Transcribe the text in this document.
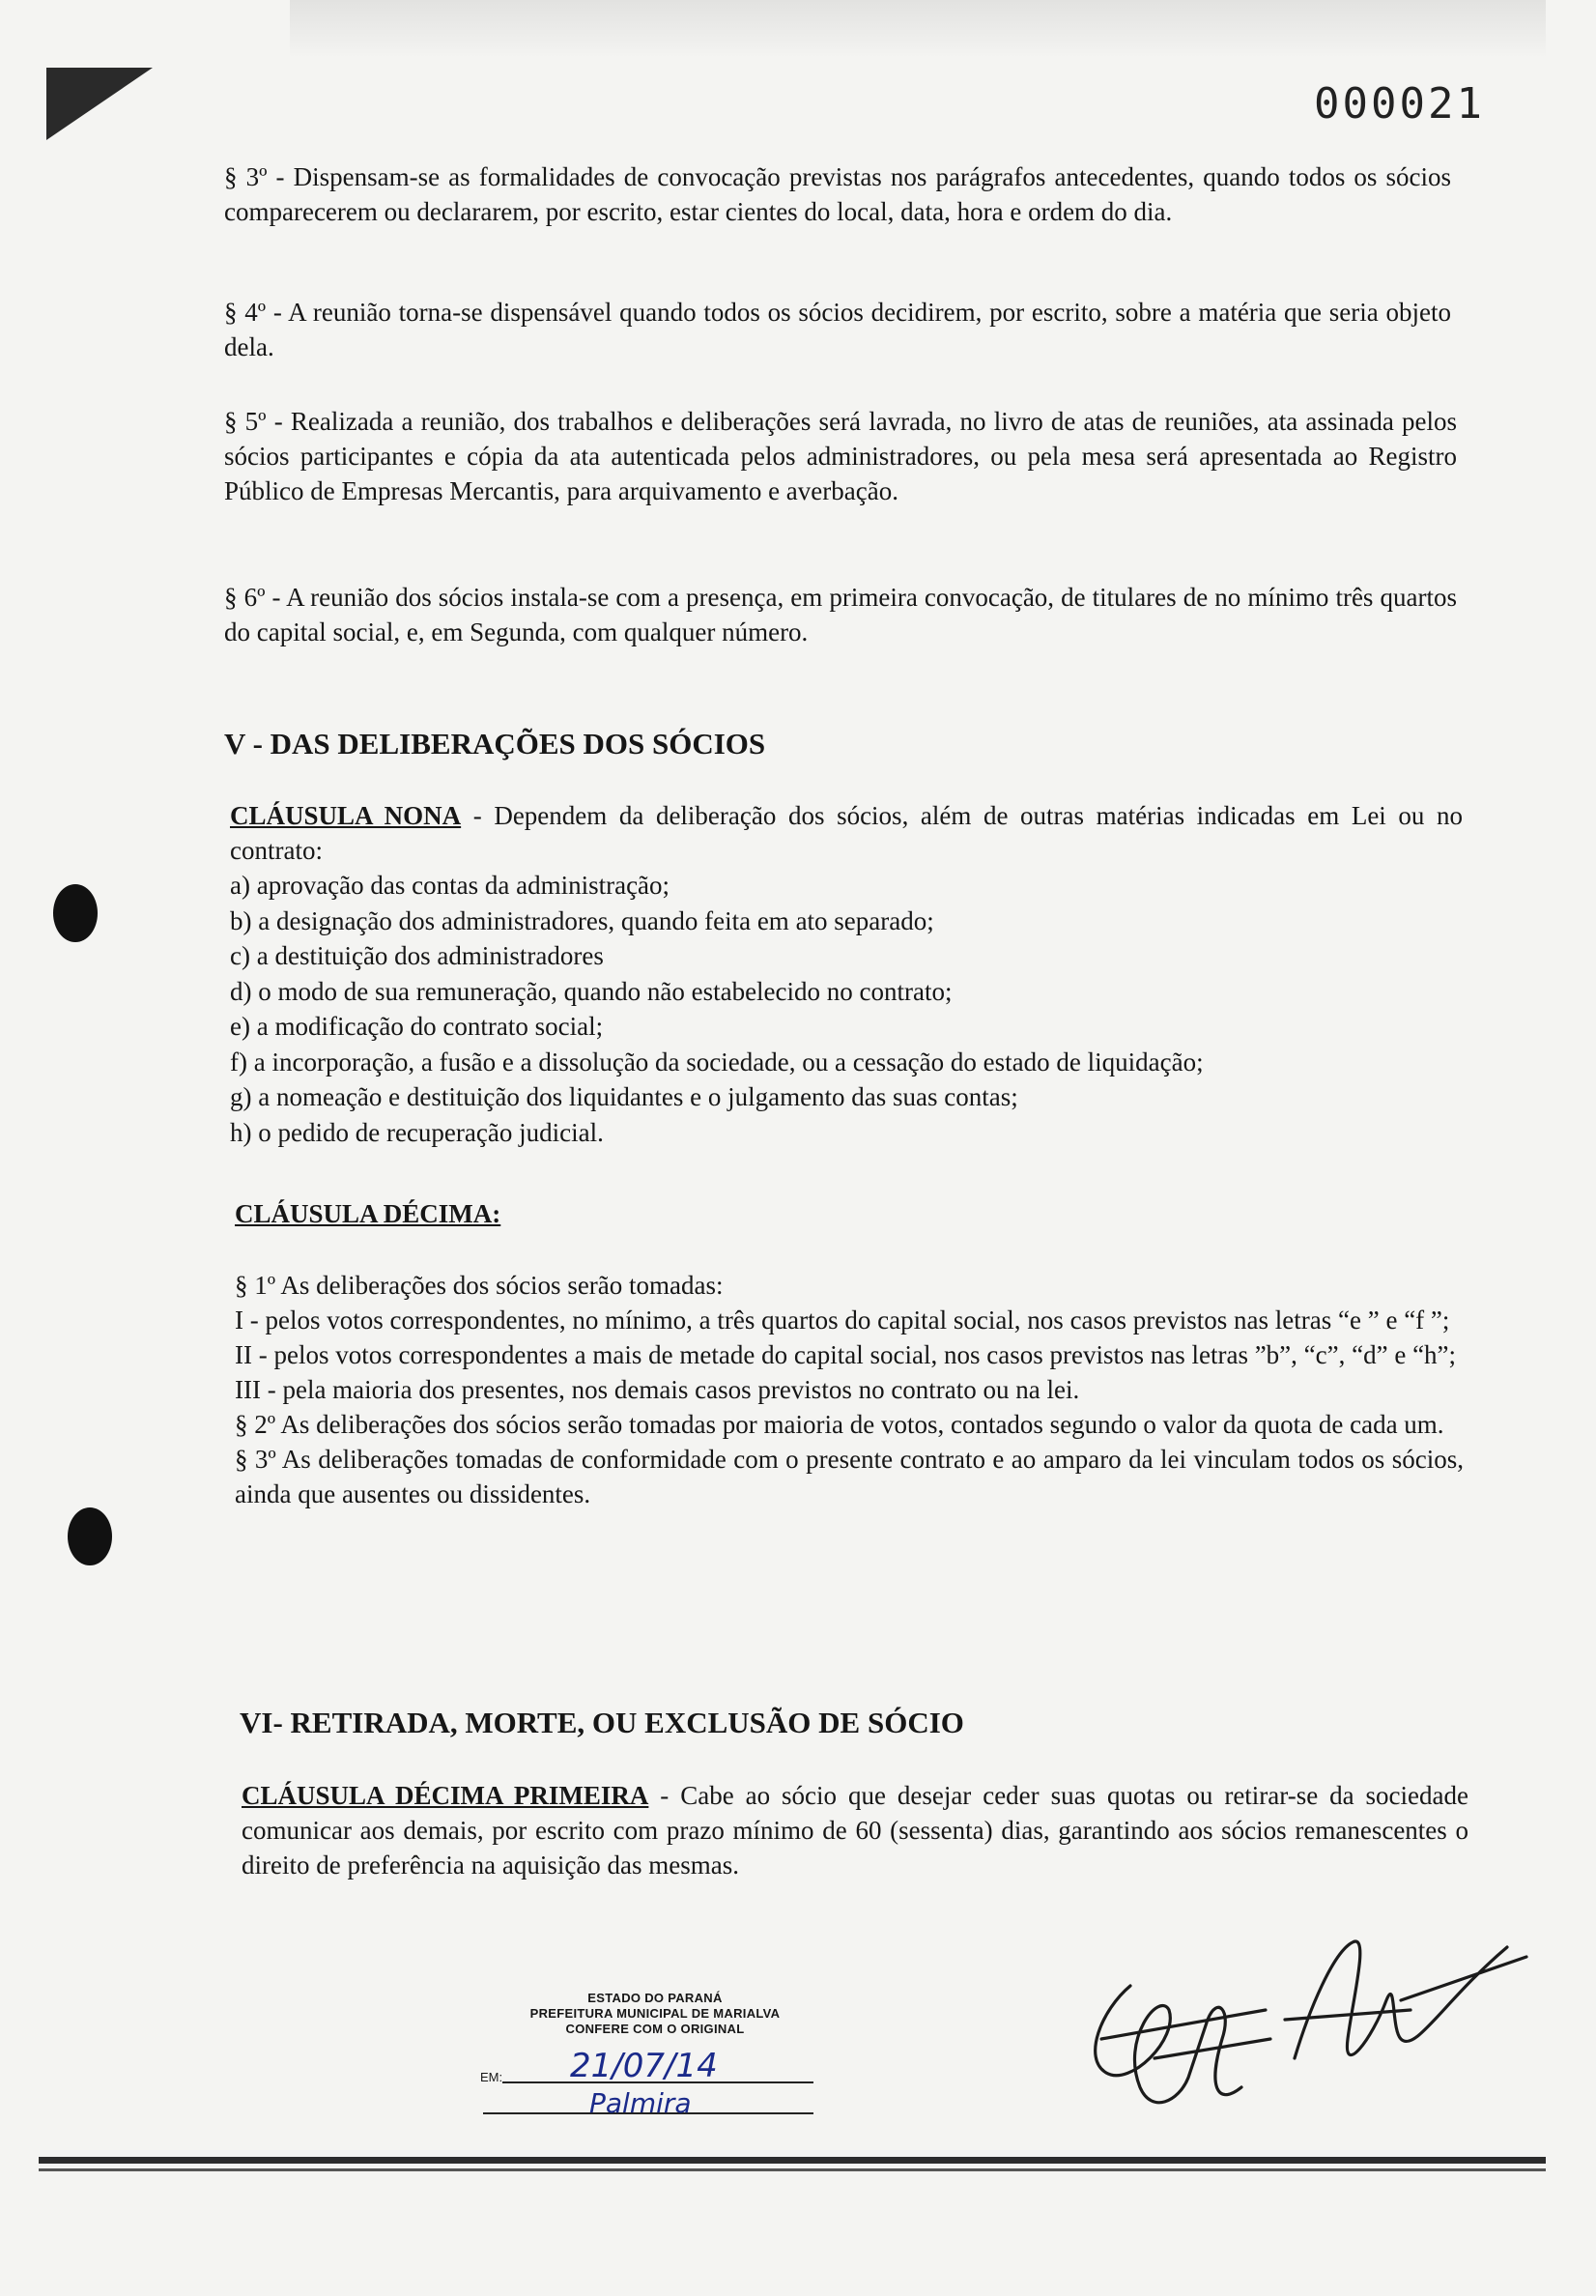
000021
§ 3º - Dispensam-se as formalidades de convocação previstas nos parágrafos antecedentes, quando todos os sócios comparecerem ou declararem, por escrito, estar cientes do local, data, hora e ordem do dia.
§ 4º - A reunião torna-se dispensável quando todos os sócios decidirem, por escrito, sobre a matéria que seria objeto dela.
§ 5º - Realizada a reunião, dos trabalhos e deliberações será lavrada, no livro de atas de reuniões, ata assinada pelos sócios participantes e cópia da ata autenticada pelos administradores, ou pela mesa será apresentada ao Registro Público de Empresas Mercantis, para arquivamento e averbação.
§ 6º - A reunião dos sócios instala-se com a presença, em primeira convocação, de titulares de no mínimo três quartos do capital social, e, em Segunda, com qualquer número.
V - DAS DELIBERAÇÕES DOS SÓCIOS
CLÁUSULA NONA - Dependem da deliberação dos sócios, além de outras matérias indicadas em Lei ou no contrato:
a) aprovação das contas da administração;
b) a designação dos administradores, quando feita em ato separado;
c) a destituição dos administradores
d) o modo de sua remuneração, quando não estabelecido no contrato;
e) a modificação do contrato social;
f) a incorporação, a fusão e a dissolução da sociedade, ou a cessação do estado de liquidação;
g) a nomeação e destituição dos liquidantes e o julgamento das suas contas;
h) o pedido de recuperação judicial.
CLÁUSULA DÉCIMA:
§ 1º As deliberações dos sócios serão tomadas:
I - pelos votos correspondentes, no mínimo, a três quartos do capital social, nos casos previstos nas letras “e ” e “f ”;
II - pelos votos correspondentes a mais de metade do capital social, nos casos previstos nas letras ”b”, “c”, “d” e “h”;
III - pela maioria dos presentes, nos demais casos previstos no contrato ou na lei.
§ 2º As deliberações dos sócios serão tomadas por maioria de votos, contados segundo o valor da quota de cada um.
§ 3º As deliberações tomadas de conformidade com o presente contrato e ao amparo da lei vinculam todos os sócios, ainda que ausentes ou dissidentes.
VI- RETIRADA, MORTE, OU EXCLUSÃO DE SÓCIO
CLÁUSULA DÉCIMA PRIMEIRA - Cabe ao sócio que desejar ceder suas quotas ou retirar-se da sociedade comunicar aos demais, por escrito com prazo mínimo de 60 (sessenta) dias, garantindo aos sócios remanescentes o direito de preferência na aquisição das mesmas.
ESTADO DO PARANÁ
PREFEITURA MUNICIPAL DE MARIALVA
CONFERE COM O ORIGINAL
EM: 21/07/14
Palmira
